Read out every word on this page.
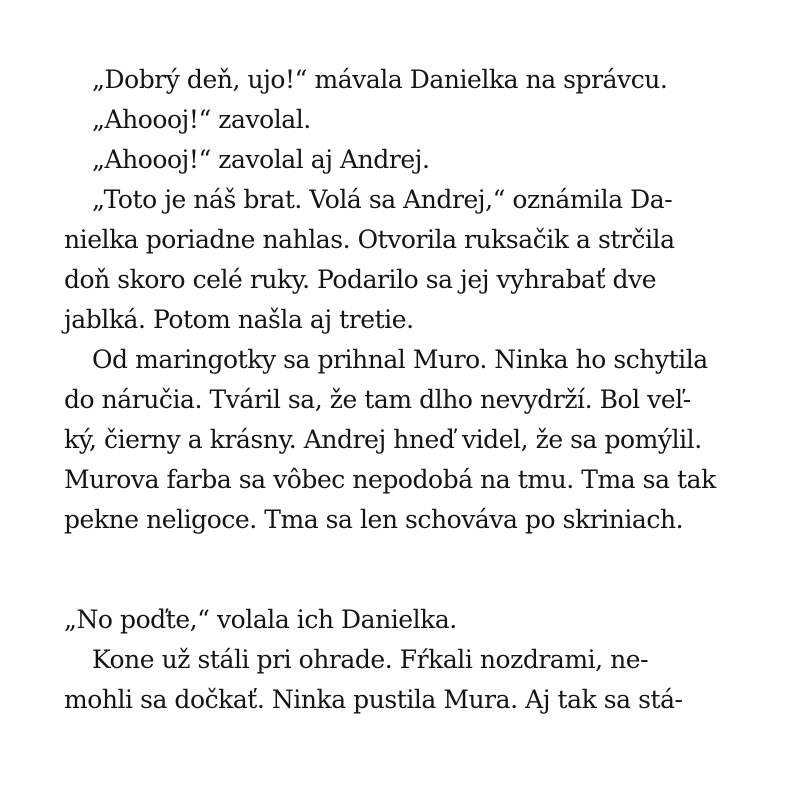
„Dobrý deň, ujo!“ mávala Danielka na správcu.
„Ahoooj!“ zavolal.
„Ahoooj!“ zavolal aj Andrej.
„Toto je náš brat. Volá sa Andrej,“ oznámila Da-
nielka poriadne nahlas. Otvorila ruksačik a strčila
doň skoro celé ruky. Podarilo sa jej vyhrabať dve
jablká. Potom našla aj tretie.
Od maringotky sa prihnal Muro. Ninka ho schytila
do náručia. Tváril sa, že tam dlho nevydrží. Bol veľ-
ký, čierny a krásny. Andrej hneď videl, že sa pomýlil.
Murova farba sa vôbec nepodobá na tmu. Tma sa tak
pekne neligoce. Tma sa len schováva po skriniach.
„No poďte,“ volala ich Danielka.
Kone už stáli pri ohrade. Fŕkali nozdrami, ne-
mohli sa dočkať. Ninka pustila Mura. Aj tak sa stá-
